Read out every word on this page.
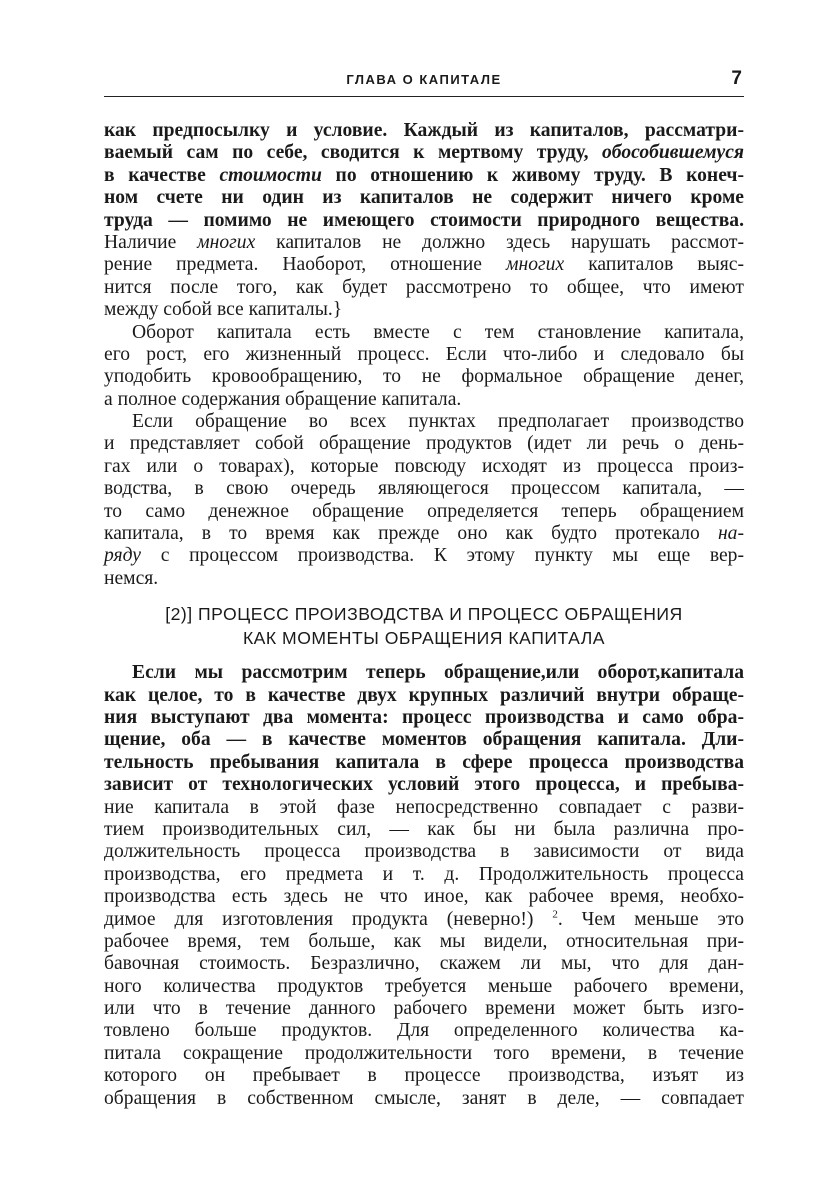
ГЛАВА О КАПИТАЛЕ	7
как предпосылку и условие. Каждый из капиталов, рассматри-
ваемый сам по себе, сводится к мертвому труду, обособившемуся
в качестве стоимости по отношению к живому труду. В конеч-
ном счете ни один из капиталов не содержит ничего кроме
труда — помимо не имеющего стоимости природного вещества.
Наличие многих капиталов не должно здесь нарушать рассмот-
рение предмета. Наоборот, отношение многих капиталов выяс-
нится после того, как будет рассмотрено то общее, что имеют
между собой все капиталы.}
Оборот капитала есть вместе с тем становление капитала,
его рост, его жизненный процесс. Если что-либо и следовало бы
уподобить кровообращению, то не формальное обращение денег,
а полное содержания обращение капитала.
Если обращение во всех пунктах предполагает производство
и представляет собой обращение продуктов (идет ли речь о день-
гах или о товарах), которые повсюду исходят из процесса произ-
водства, в свою очередь являющегося процессом капитала, —
то само денежное обращение определяется теперь обращением
капитала, в то время как прежде оно как будто протекало на-
ряду с процессом производства. К этому пункту мы еще вер-
немся.
[2)] ПРОЦЕСС ПРОИЗВОДСТВА И ПРОЦЕСС ОБРАЩЕНИЯ
КАК МОМЕНТЫ ОБРАЩЕНИЯ КАПИТАЛА
Если мы рассмотрим теперь обращение,или оборот,капитала
как целое, то в качестве двух крупных различий внутри обраще-
ния выступают два момента: процесс производства и само обра-
щение, оба — в качестве моментов обращения капитала. Дли-
тельность пребывания капитала в сфере процесса производства
зависит от технологических условий этого процесса, и пребыва-
ние капитала в этой фазе непосредственно совпадает с разви-
тием производительных сил, — как бы ни была различна про-
должительность процесса производства в зависимости от вида
производства, его предмета и т. д. Продолжительность процесса
производства есть здесь не что иное, как рабочее время, необхо-
димое для изготовления продукта (неверно!) $^2$. Чем меньше это
рабочее время, тем больше, как мы видели, относительная при-
бавочная стоимость. Безразлично, скажем ли мы, что для дан-
ного количества продуктов требуется меньше рабочего времени,
или что в течение данного рабочего времени может быть изго-
товлено больше продуктов. Для определенного количества ка-
питала сокращение продолжительности того времени, в течение
которого он пребывает в процессе производства, изъят из
обращения в собственном смысле, занят в деле, — совпадает
